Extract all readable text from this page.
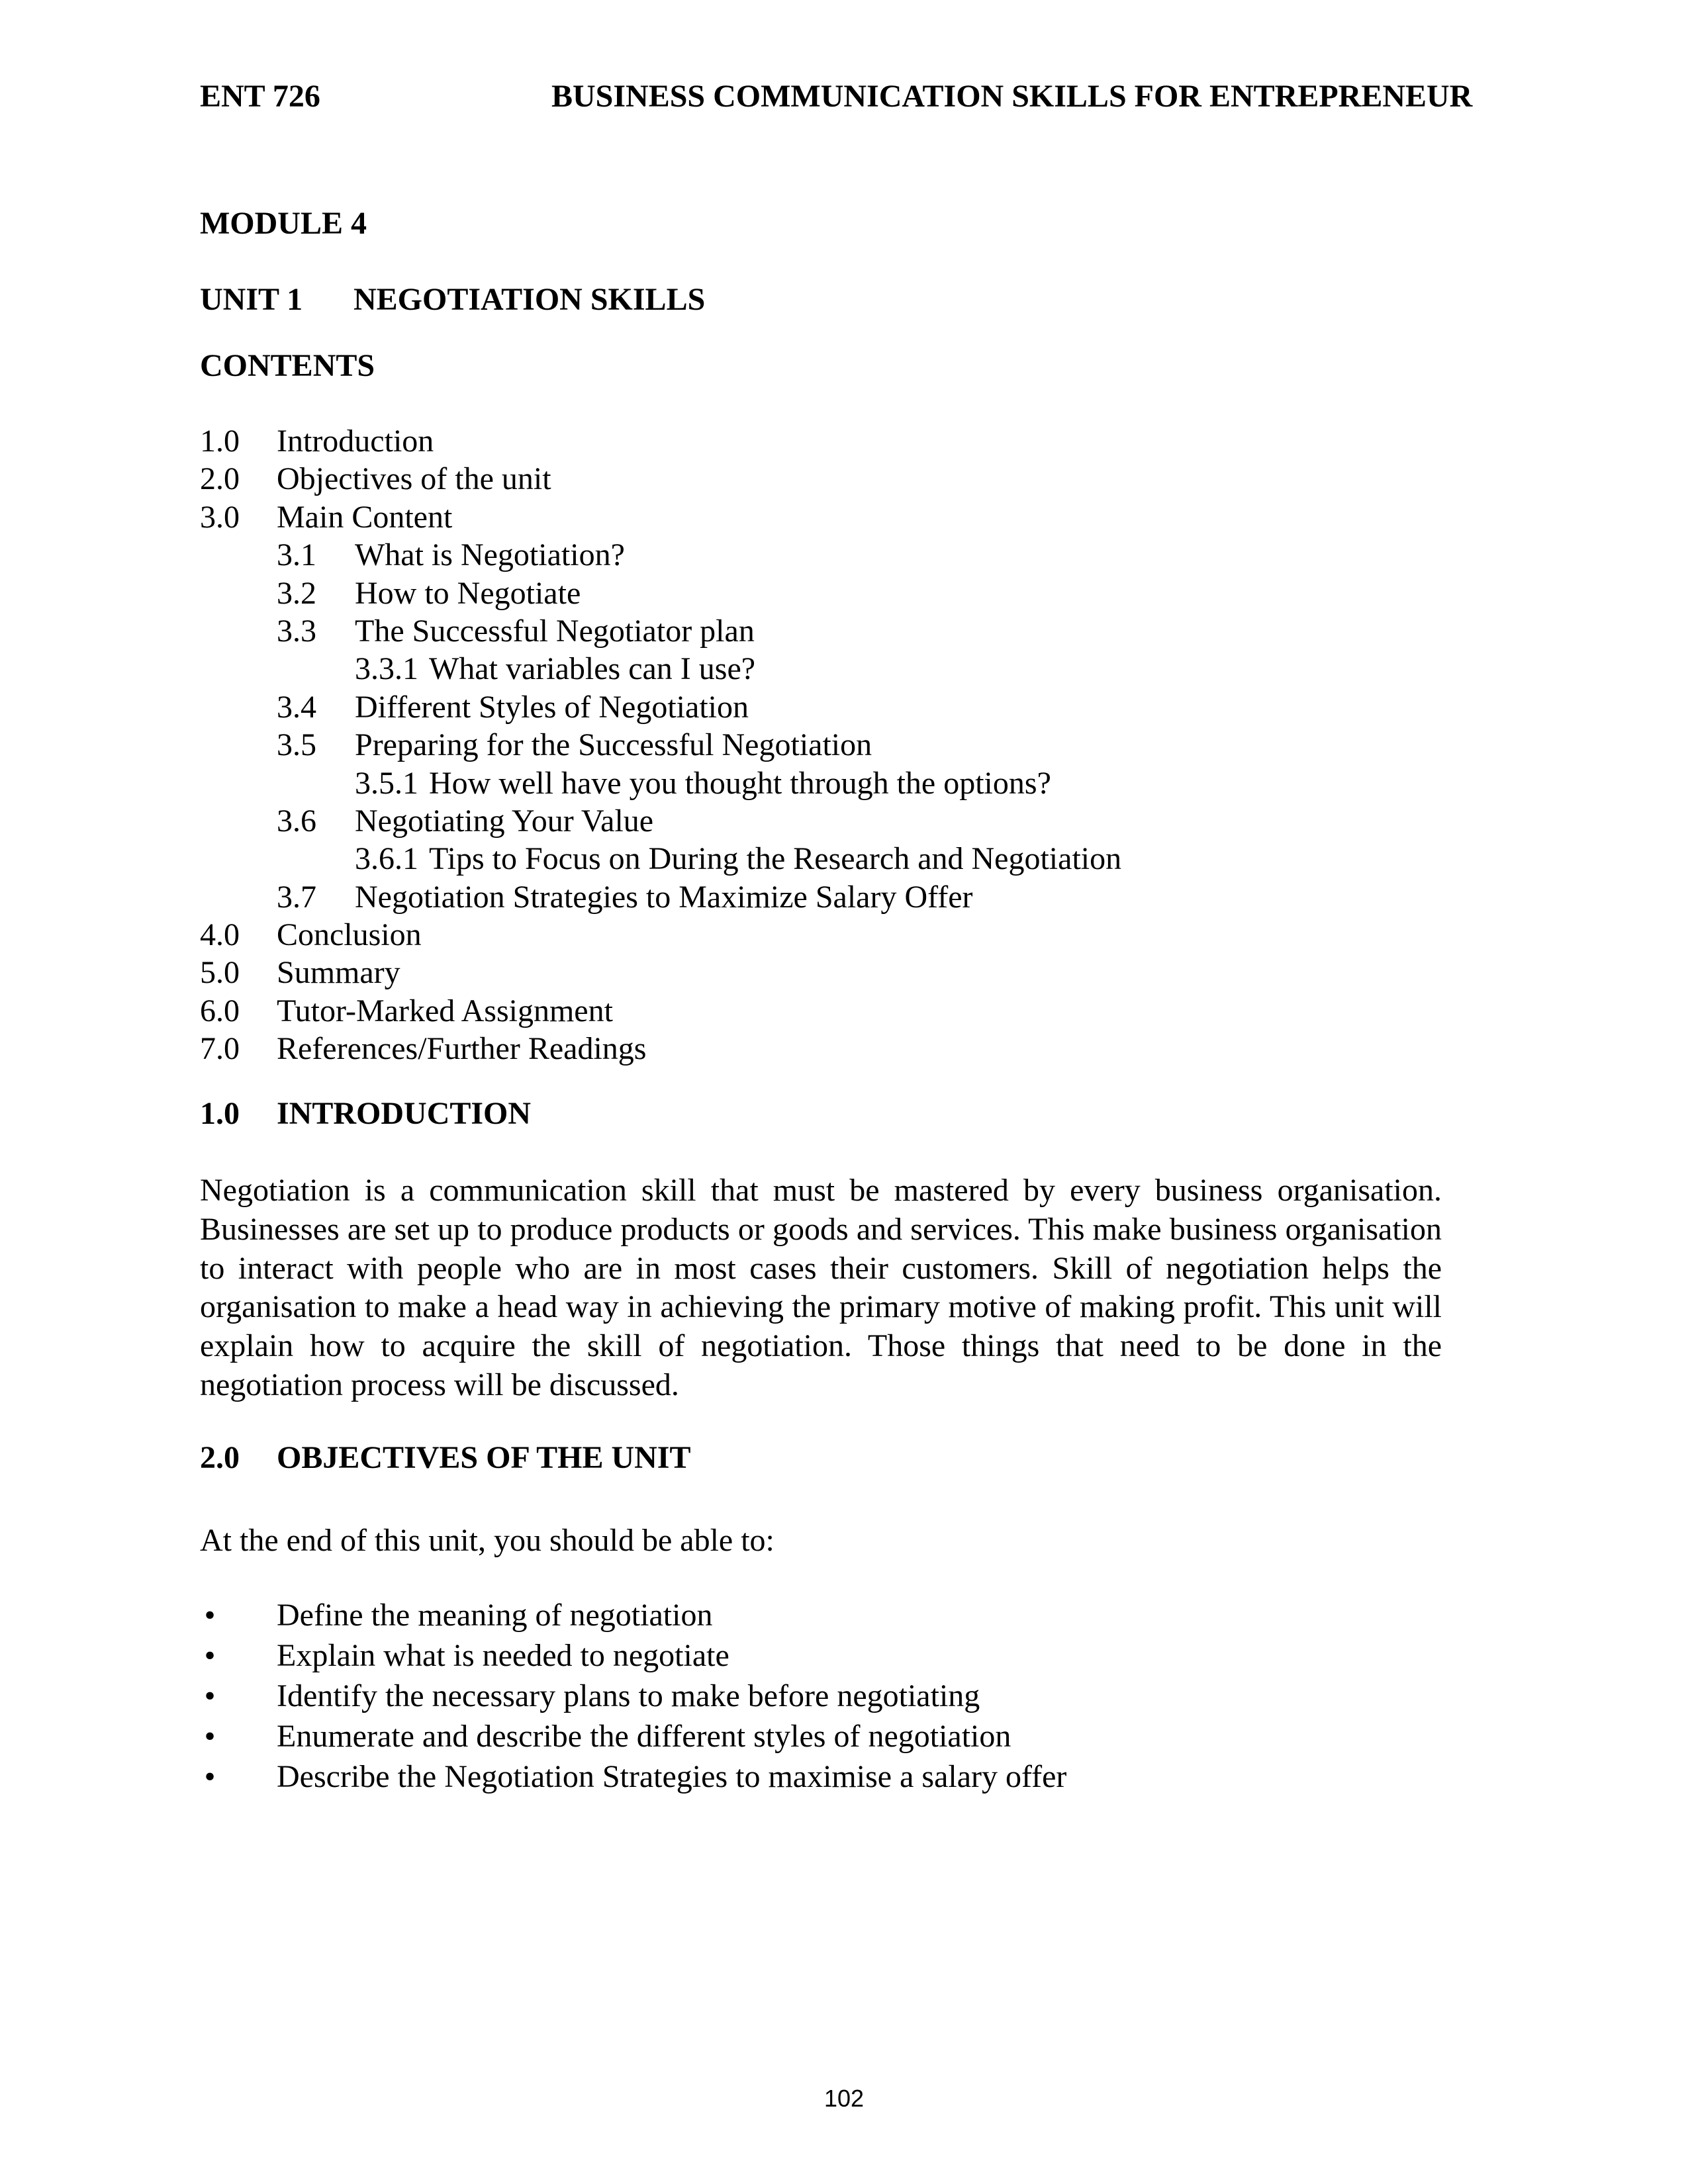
ENT 726	BUSINESS COMMUNICATION SKILLS FOR ENTREPRENEUR
MODULE 4
UNIT 1 NEGOTIATION SKILLS
CONTENTS
1.0 Introduction
2.0 Objectives of the unit
3.0 Main Content
3.1 What is Negotiation?
3.2 How to Negotiate
3.3 The Successful Negotiator plan
3.3.1 What variables can I use?
3.4 Different Styles of Negotiation
3.5 Preparing for the Successful Negotiation
3.5.1 How well have you thought through the options?
3.6 Negotiating Your Value
3.6.1 Tips to Focus on During the Research and Negotiation
3.7 Negotiation Strategies to Maximize Salary Offer
4.0 Conclusion
5.0 Summary
6.0 Tutor-Marked Assignment
7.0 References/Further Readings
1.0 INTRODUCTION
Negotiation is a communication skill that must be mastered by every business organisation. Businesses are set up to produce products or goods and services. This make business organisation to interact with people who are in most cases their customers. Skill of negotiation helps the organisation to make a head way in achieving the primary motive of making profit. This unit will explain how to acquire the skill of negotiation. Those things that need to be done in the negotiation process will be discussed.
2.0 OBJECTIVES OF THE UNIT
At the end of this unit, you should be able to:
• Define the meaning of negotiation
• Explain what is needed to negotiate
• Identify the necessary plans to make before negotiating
• Enumerate and describe the different styles of negotiation
• Describe the Negotiation Strategies to maximise a salary offer
102
